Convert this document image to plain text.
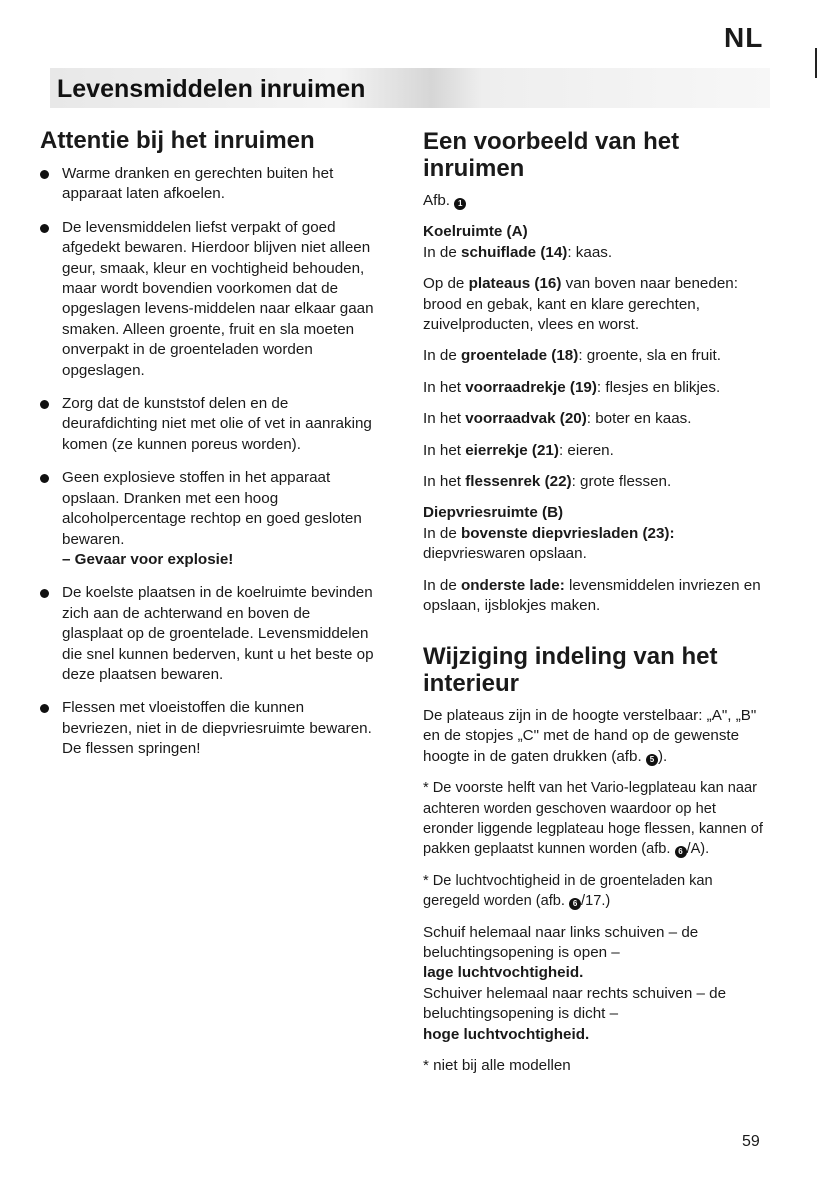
NL
Levensmiddelen inruimen
Attentie bij het inruimen
Warme dranken en gerechten buiten het apparaat laten afkoelen.
De levensmiddelen liefst verpakt of goed afgedekt bewaren. Hierdoor blijven niet alleen geur, smaak, kleur en vochtigheid behouden, maar wordt bovendien voorkomen dat de opgeslagen levens-middelen naar elkaar gaan smaken. Alleen groente, fruit en sla moeten onverpakt in de groenteladen worden opgeslagen.
Zorg dat de kunststof delen en de deurafdichting niet met olie of vet in aanraking komen (ze kunnen poreus worden).
Geen explosieve stoffen in het apparaat opslaan. Dranken met een hoog alcoholpercentage rechtop en goed gesloten bewaren.
– Gevaar voor explosie!
De koelste plaatsen in de koelruimte bevinden zich aan de achterwand en boven de glasplaat op de groentelade. Levensmiddelen die snel kunnen bederven, kunt u het beste op deze plaatsen bewaren.
Flessen met vloeistoffen die kunnen bevriezen, niet in de diepvriesruimte bewaren. De flessen springen!
Een voorbeeld van het inruimen

Afb. 1

Koelruimte (A)

In de schuiflade (14): kaas.

Op de plateaus (16) van boven naar beneden: brood en gebak, kant en klare gerechten, zuivelproducten, vlees en worst.

In de groentelade (18): groente, sla en fruit.

In het voorraadrekje (19): flesjes en blikjes.

In het voorraadvak (20): boter en kaas.

In het eierrekje (21): eieren.

In het flessenrek (22): grote flessen.

Diepvriesruimte (B)

In de bovenste diepvriesladen (23):
diepvrieswaren opslaan.

In de onderste lade: levensmiddelen invriezen en opslaan, ijsblokjes maken.

Wijziging indeling van het interieur

De plateaus zijn in de hoogte verstelbaar: „A", „B" en de stopjes „C" met de hand op de gewenste hoogte in de gaten drukken (afb. 5 ).

* De voorste helft van het Vario-legplateau kan naar achteren worden geschoven waardoor op het eronder liggende legplateau hoge flessen, kannen of pakken geplaatst kunnen worden (afb. 6 /A).

* De luchtvochtigheid in de groenteladen kan geregeld worden (afb. 6 /17.)

Schuif helemaal naar links schuiven – de beluchtingsopening is open –
lage luchtvochtigheid.
Schuiver helemaal naar rechts schuiven – de beluchtingsopening is dicht –

hoge luchtvochtigheid.

* niet bij alle modellen

59
